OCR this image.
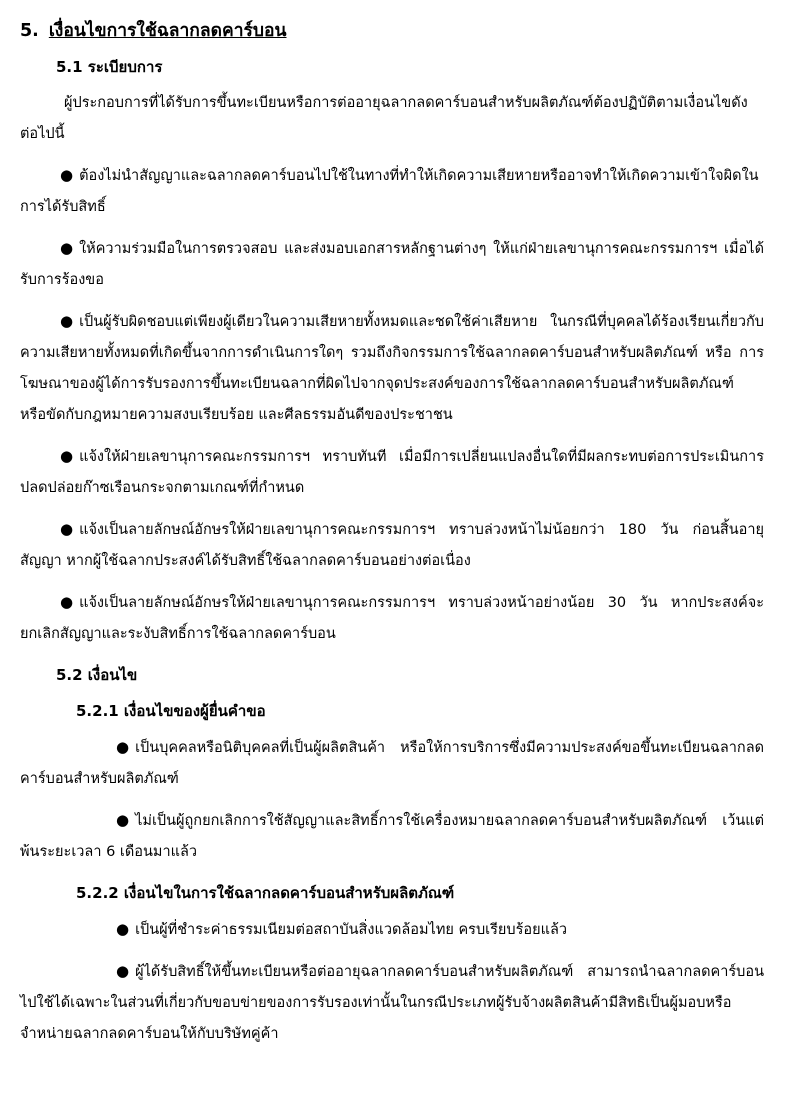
5. เงื่อนไขการใช้ฉลากลดคาร์บอน
5.1 ระเบียบการ
ผู้ประกอบการที่ได้รับการขึ้นทะเบียนหรือการต่ออายุฉลากลดคาร์บอนสำหรับผลิตภัณฑ์ต้องปฏิบัติตามเงื่อนไขดังต่อไปนี้
● ต้องไม่นำสัญญาและฉลากลดคาร์บอนไปใช้ในทางที่ทำให้เกิดความเสียหายหรืออาจทำให้เกิดความเข้าใจผิดในการได้รับสิทธิ์
● ให้ความร่วมมือในการตรวจสอบ และส่งมอบเอกสารหลักฐานต่างๆ ให้แก่ฝ่ายเลขานุการคณะกรรมการฯ เมื่อได้รับการร้องขอ
● เป็นผู้รับผิดชอบแต่เพียงผู้เดียวในความเสียหายทั้งหมดและชดใช้ค่าเสียหาย ในกรณีที่บุคคลได้ร้องเรียนเกี่ยวกับความเสียหายทั้งหมดที่เกิดขึ้นจากการดำเนินการใดๆ รวมถึงกิจกรรมการใช้ฉลากลดคาร์บอนสำหรับผลิตภัณฑ์ หรือ การโฆษณาของผู้ได้การรับรองการขึ้นทะเบียนฉลากที่ผิดไปจากจุดประสงค์ของการใช้ฉลากลดคาร์บอนสำหรับผลิตภัณฑ์ หรือขัดกับกฎหมายความสงบเรียบร้อย และศีลธรรมอันดีของประชาชน
● แจ้งให้ฝ่ายเลขานุการคณะกรรมการฯ ทราบทันที เมื่อมีการเปลี่ยนแปลงอื่นใดที่มีผลกระทบต่อการประเมินการปลดปล่อยก๊าซเรือนกระจกตามเกณฑ์ที่กำหนด
● แจ้งเป็นลายลักษณ์อักษรให้ฝ่ายเลขานุการคณะกรรมการฯ ทราบล่วงหน้าไม่น้อยกว่า 180 วัน ก่อนสิ้นอายุสัญญา หากผู้ใช้ฉลากประสงค์ได้รับสิทธิ์ใช้ฉลากลดคาร์บอนอย่างต่อเนื่อง
● แจ้งเป็นลายลักษณ์อักษรให้ฝ่ายเลขานุการคณะกรรมการฯ ทราบล่วงหน้าอย่างน้อย 30 วัน หากประสงค์จะยกเลิกสัญญาและระงับสิทธิ์การใช้ฉลากลดคาร์บอน
5.2 เงื่อนไข
5.2.1 เงื่อนไขของผู้ยื่นคำขอ
● เป็นบุคคลหรือนิติบุคคลที่เป็นผู้ผลิตสินค้า หรือให้การบริการซึ่งมีความประสงค์ขอขึ้นทะเบียนฉลากลดคาร์บอนสำหรับผลิตภัณฑ์
● ไม่เป็นผู้ถูกยกเลิกการใช้สัญญาและสิทธิ์การใช้เครื่องหมายฉลากลดคาร์บอนสำหรับผลิตภัณฑ์ เว้นแต่พ้นระยะเวลา 6 เดือนมาแล้ว
5.2.2 เงื่อนไขในการใช้ฉลากลดคาร์บอนสำหรับผลิตภัณฑ์
● เป็นผู้ที่ชำระค่าธรรมเนียมต่อสถาบันสิ่งแวดล้อมไทย ครบเรียบร้อยแล้ว
● ผู้ได้รับสิทธิ์ให้ขึ้นทะเบียนหรือต่ออายุฉลากลดคาร์บอนสำหรับผลิตภัณฑ์ สามารถนำฉลากลดคาร์บอนไปใช้ได้เฉพาะในส่วนที่เกี่ยวกับขอบข่ายของการรับรองเท่านั้นในกรณีประเภทผู้รับจ้างผลิตสินค้ามีสิทธิเป็นผู้มอบหรือจำหน่ายฉลากลดคาร์บอนให้กับบริษัทคู่ค้า
